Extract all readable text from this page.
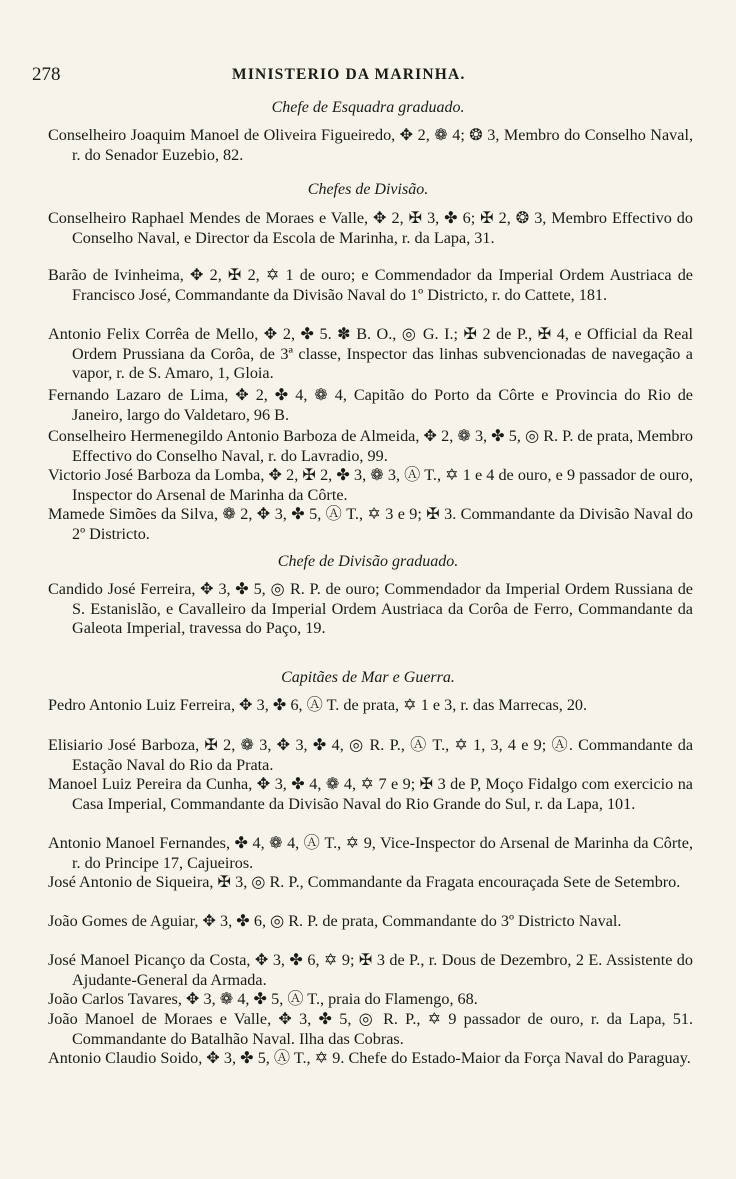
278	MINISTERIO DA MARINHA.
Chefe de Esquadra graduado.
Conselheiro Joaquim Manoel de Oliveira Figueiredo, ✥ 2, ❁ 4; ❂ 3, Membro do Conselho Naval, r. do Senador Euzebio, 82.
Chefes de Divisão.
Conselheiro Raphael Mendes de Moraes e Valle, ✥ 2, ✠ 3, ✤ 6; ✠ 2, ❂ 3, Membro Effectivo do Conselho Naval, e Director da Escola de Marinha, r. da Lapa, 31.
Barão de Ivinheima, ✥ 2, ✠ 2, ✡ 1 de ouro; e Commendador da Imperial Ordem Austriaca de Francisco José, Commandante da Divisão Naval do 1º Districto, r. do Cattete, 181.
Antonio Felix Corrêa de Mello, ✥ 2, ✤ 5. ✽ B. O., ◎ G. I.; ✠ 2 de P., ✠ 4, e Official da Real Ordem Prussiana da Corôa, de 3ª classe, Inspector das linhas subvencionadas de navegação a vapor, r. de S. Amaro, 1, Gloia.
Fernando Lazaro de Lima, ✥ 2, ✤ 4, ❁ 4, Capitão do Porto da Côrte e Provincia do Rio de Janeiro, largo do Valdetaro, 96 B.
Conselheiro Hermenegildo Antonio Barboza de Almeida, ✥ 2, ❁ 3, ✤ 5, ◎ R. P. de prata, Membro Effectivo do Conselho Naval, r. do Lavradio, 99.
Victorio José Barboza da Lomba, ✥ 2, ✠ 2, ✤ 3, ❁ 3, Ⓐ T., ✡ 1 e 4 de ouro, e 9 passador de ouro, Inspector do Arsenal de Marinha da Côrte.
Mamede Simões da Silva, ❁ 2, ✥ 3, ✤ 5, Ⓐ T., ✡ 3 e 9; ✠ 3. Commandante da Divisão Naval do 2º Districto.
Chefe de Divisão graduado.
Candido José Ferreira, ✥ 3, ✤ 5, ◎ R. P. de ouro; Commendador da Imperial Ordem Russiana de S. Estanislão, e Cavalleiro da Imperial Ordem Austriaca da Corôa de Ferro, Commandante da Galeota Imperial, travessa do Paço, 19.
Capitães de Mar e Guerra.
Pedro Antonio Luiz Ferreira, ✥ 3, ✤ 6, Ⓐ T. de prata, ✡ 1 e 3, r. das Marrecas, 20.
Elisiario José Barboza, ✠ 2, ❁ 3, ✥ 3, ✤ 4, ◎ R. P., Ⓐ T., ✡ 1, 3, 4 e 9; Ⓐ. Commandante da Estação Naval do Rio da Prata.
Manoel Luiz Pereira da Cunha, ✥ 3, ✤ 4, ❁ 4, ✡ 7 e 9; ✠ 3 de P, Moço Fidalgo com exercicio na Casa Imperial, Commandante da Divisão Naval do Rio Grande do Sul, r. da Lapa, 101.
Antonio Manoel Fernandes, ✤ 4, ❁ 4, Ⓐ T., ✡ 9, Vice-Inspector do Arsenal de Marinha da Côrte, r. do Principe 17, Cajueiros.
José Antonio de Siqueira, ✠ 3, ◎ R. P., Commandante da Fragata encouraçada Sete de Setembro.
João Gomes de Aguiar, ✥ 3, ✤ 6, ◎ R. P. de prata, Commandante do 3º Districto Naval.
José Manoel Picanço da Costa, ✥ 3, ✤ 6, ✡ 9; ✠ 3 de P., r. Dous de Dezembro, 2 E. Assistente do Ajudante-General da Armada.
João Carlos Tavares, ✥ 3, ❁ 4, ✤ 5, Ⓐ T., praia do Flamengo, 68.
João Manoel de Moraes e Valle, ✥ 3, ✤ 5, ◎ R. P., ✡ 9 passador de ouro, r. da Lapa, 51. Commandante do Batalhão Naval. Ilha das Cobras.
Antonio Claudio Soido, ✥ 3, ✤ 5, Ⓐ T., ✡ 9. Chefe do Estado-Maior da Força Naval do Paraguay.
